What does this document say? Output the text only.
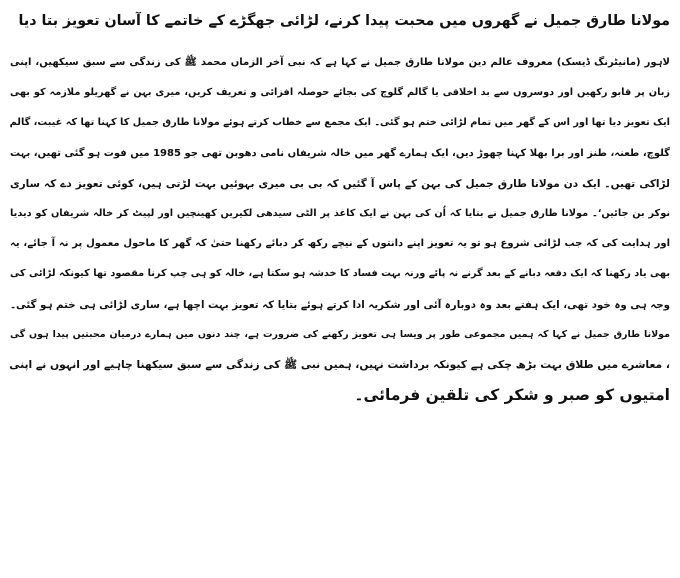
مولانا طارق جمیل نے گھروں میں محبت پیدا کرنے، لڑائی جھگڑے کے خاتمے کا آسان تعویز بتا دیا
لاہور (مانیٹرنگ ڈیسک) معروف عالم دین مولانا طارق جمیل نے کہا ہے کہ نبی آخر الزماں محمد ﷺ کی زندگی سے سبق سیکھیں، اپنی
زبان پر قابو رکھیں اور دوسروں سے بد اخلاقی یا گالم گلوچ کی بجائے حوصلہ افزائی و تعریف کریں، میری بہن نے گھریلو ملازمہ کو بھی
ایک تعویز دیا تھا اور اس کے گھر میں تمام لڑائی ختم ہو گئی۔ ایک مجمع سے خطاب کرتے ہوئے مولانا طارق جمیل کا کہنا تھا کہ غیبت، گالم
گلوچ، طعنہ، طنز اور برا بھلا کہنا چھوڑ دیں، ایک ہمارے گھر میں خالہ شریفاں نامی دھوبن تھی جو 1985 میں فوت ہو گئی تھیں، بہت
لڑاکی تھیں۔ ایک دن مولانا طارق جمیل کی بہن کے پاس آ گئیں کہ بی بی میری بہوئیں بہت لڑتی ہیں، کوئی تعویز دے کہ ساری
نوکر بن جائیں‘۔ مولانا طارق جمیل نے بتایا کہ اُن کی بہن نے ایک کاغذ پر الٹی سیدھی لکیریں کھینچیں اور لپیٹ کر خالہ شریفاں کو دیدیا
اور ہدایت کی کہ جب لڑائی شروع ہو تو یہ تعویز اپنے دانتوں کے نیچے رکھ کر دبائے رکھنا حتیٰ کہ گھر کا ماحول معمول پر نہ آ جائے، یہ
بھی یاد رکھنا کہ ایک دفعہ دبانے کے بعد گرنے نہ پائے ورنہ بہت فساد کا خدشہ ہو سکتا ہے، خالہ کو ہی چپ کرنا مقصود تھا کیونکہ لڑائی کی
وجہ ہی وہ خود تھی، ایک ہفتے بعد وہ دوبارہ آئی اور شکریہ ادا کرتے ہوئے بتایا کہ تعویز بہت اچھا ہے، ساری لڑائی ہی ختم ہو گئی۔
مولانا طارق جمیل نے کہا کہ ہمیں مجموعی طور پر ویسا ہی تعویز رکھنے کی ضرورت ہے، چند دنوں میں ہمارے درمیان محبتیں پیدا ہوں گی
، معاشرے میں طلاق بہت بڑھ چکی ہے کیونکہ برداشت نہیں، ہمیں نبی ﷺ کی زندگی سے سبق سیکھنا چاہیے اور انہوں نے اپنی
امتیوں کو صبر و شکر کی تلقین فرمائی۔
